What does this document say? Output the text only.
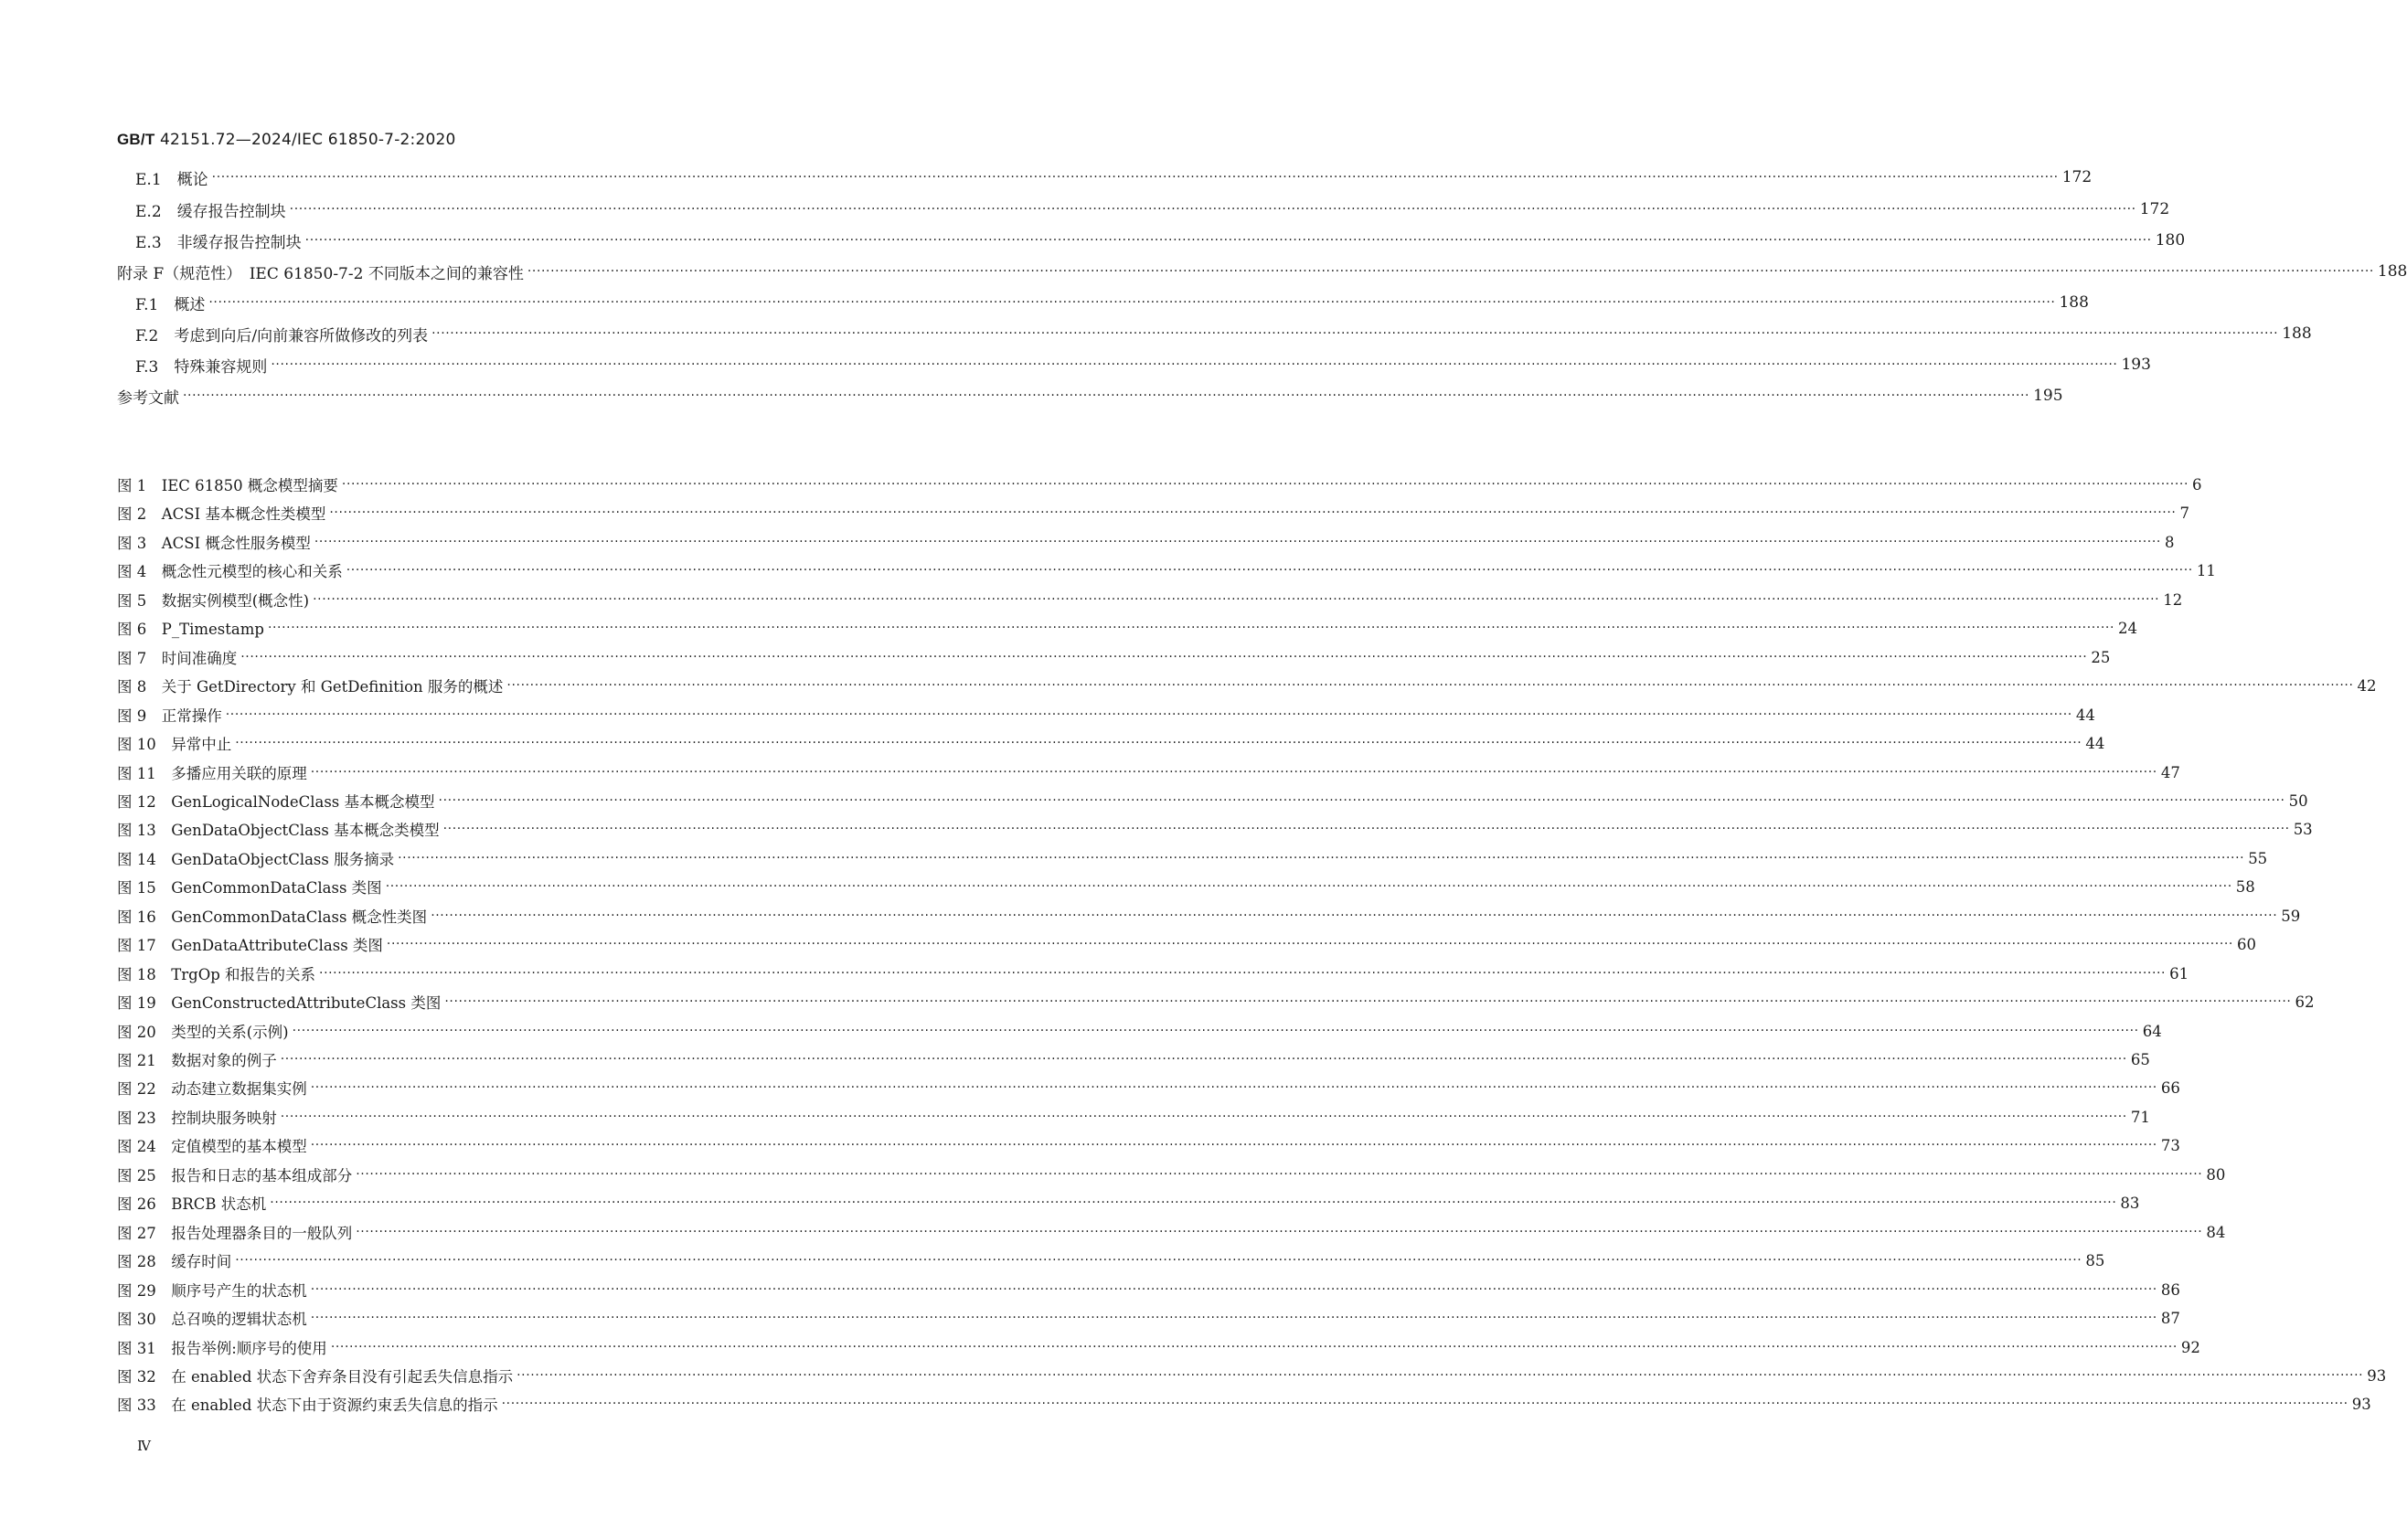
GB/T 42151.72—2024/IEC 61850-7-2:2020
E.1　概论 ················································································································································································································································································································································································································ 172
E.2　缓存报告控制块 ················································································································································································································································································································································································································ 172
E.3　非缓存报告控制块 ················································································································································································································································································································································································································ 180
附录 F（规范性）　IEC 61850-7-2 不同版本之间的兼容性 ················································································································································································································································································································································································································ 188
F.1　概述 ················································································································································································································································································································································································································ 188
F.2　考虑到向后/向前兼容所做修改的列表 ················································································································································································································································································································································································································ 188
F.3　特殊兼容规则 ················································································································································································································································································································································································································ 193
参考文献 ················································································································································································································································································································································································································ 195
图 1　IEC 61850 概念模型摘要 ················································································································································································································································································································································································································ 6
图 2　ACSI 基本概念性类模型 ················································································································································································································································································································································································································ 7
图 3　ACSI 概念性服务模型 ················································································································································································································································································································································································································ 8
图 4　概念性元模型的核心和关系 ················································································································································································································································································································································································································ 11
图 5　数据实例模型(概念性) ················································································································································································································································································································································································································ 12
图 6　P_Timestamp ················································································································································································································································································································································································································ 24
图 7　时间准确度 ················································································································································································································································································································································································································ 25
图 8　关于 GetDirectory 和 GetDefinition 服务的概述 ················································································································································································································································································································································································································ 42
图 9　正常操作 ················································································································································································································································································································································································································ 44
图 10　异常中止 ················································································································································································································································································································································································································ 44
图 11　多播应用关联的原理 ················································································································································································································································································································································································································ 47
图 12　GenLogicalNodeClass 基本概念模型 ················································································································································································································································································································································································································ 50
图 13　GenDataObjectClass 基本概念类模型 ················································································································································································································································································································································································································ 53
图 14　GenDataObjectClass 服务摘录 ················································································································································································································································································································································································································ 55
图 15　GenCommonDataClass 类图 ················································································································································································································································································································································································································ 58
图 16　GenCommonDataClass 概念性类图 ················································································································································································································································································································································································································ 59
图 17　GenDataAttributeClass 类图 ················································································································································································································································································································································································································ 60
图 18　TrgOp 和报告的关系 ················································································································································································································································································································································································································ 61
图 19　GenConstructedAttributeClass 类图 ················································································································································································································································································································································································································ 62
图 20　类型的关系(示例) ················································································································································································································································································································································································································ 64
图 21　数据对象的例子 ················································································································································································································································································································································································································ 65
图 22　动态建立数据集实例 ················································································································································································································································································································································································································ 66
图 23　控制块服务映射 ················································································································································································································································································································································································································ 71
图 24　定值模型的基本模型 ················································································································································································································································································································································································································ 73
图 25　报告和日志的基本组成部分 ················································································································································································································································································································································································································ 80
图 26　BRCB 状态机 ················································································································································································································································································································································································································ 83
图 27　报告处理器条目的一般队列 ················································································································································································································································································································································································································ 84
图 28　缓存时间 ················································································································································································································································································································································································································ 85
图 29　顺序号产生的状态机 ················································································································································································································································································································································································································ 86
图 30　总召唤的逻辑状态机 ················································································································································································································································································································································································································ 87
图 31　报告举例:顺序号的使用 ················································································································································································································································································································································································································ 92
图 32　在 enabled 状态下舍弃条目没有引起丢失信息指示 ················································································································································································································································································································································································································ 93
图 33　在 enabled 状态下由于资源约束丢失信息的指示 ················································································································································································································································································································································································································ 93
Ⅳ
